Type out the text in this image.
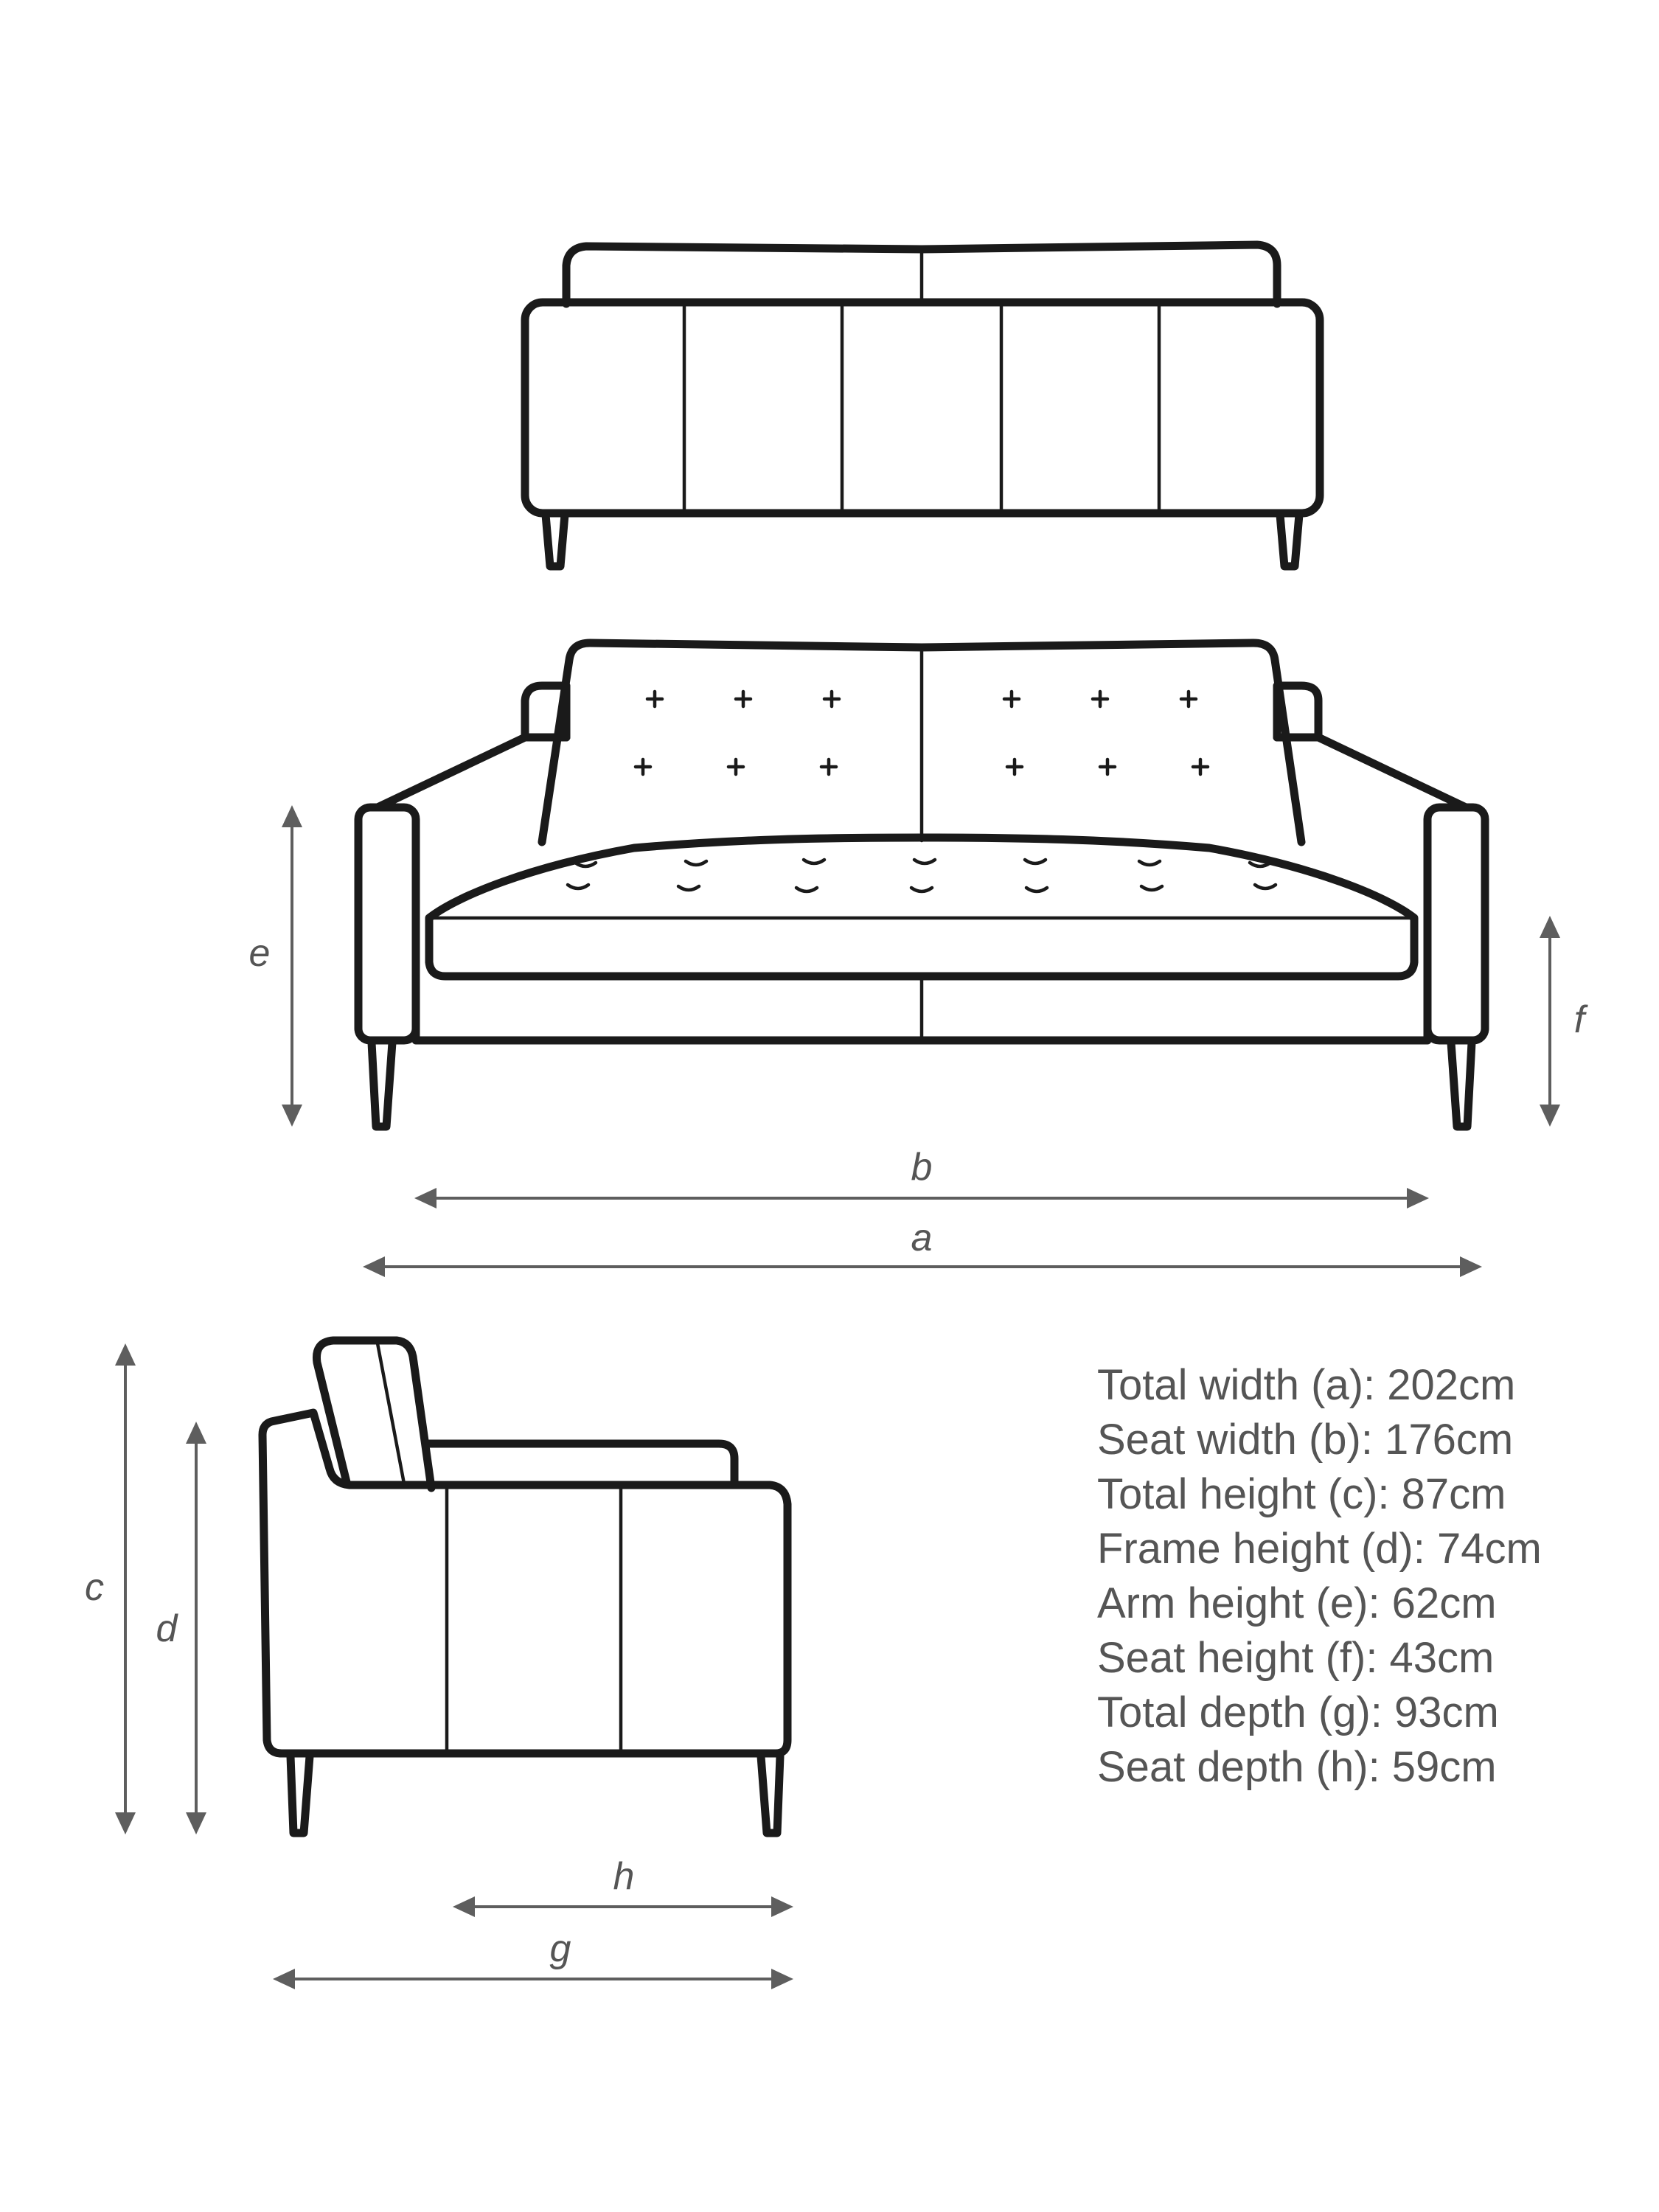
e
f
b
a
c
d
h
g
Total width (a): 202cm
Seat width (b): 176cm
Total height (c): 87cm
Frame height (d): 74cm
Arm height (e): 62cm
Seat height (f): 43cm
Total depth (g): 93cm
Seat depth (h): 59cm
